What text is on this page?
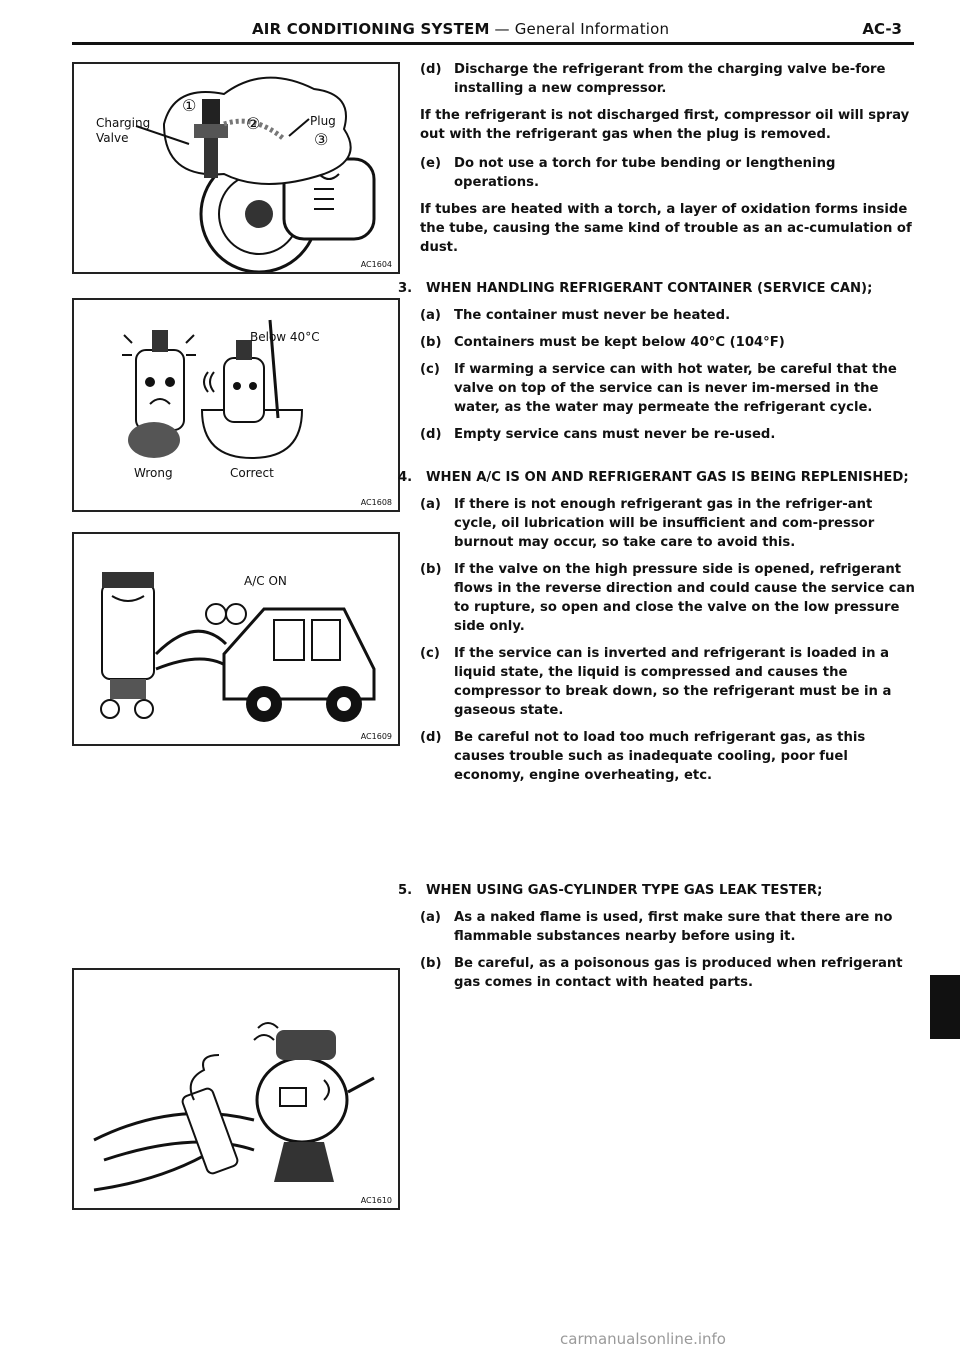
AIR CONDITIONING SYSTEM — General Information	AC-3
Charging
Valve
Plug
①
②
③
AC1604
Below 40°C
Wrong	Correct
AC1608
A/C ON
AC1609
AC1610
(d) Discharge the refrigerant from the charging valve be-fore installing a new compressor.

If the refrigerant is not discharged first, compressor oil will spray out with the refrigerant gas when the plug is removed.

(e) Do not use a torch for tube bending or lengthening operations.

If tubes are heated with a torch, a layer of oxidation forms inside the tube, causing the same kind of trouble as an ac-cumulation of dust.

3.	WHEN HANDLING REFRIGERANT CONTAINER (SERVICE CAN);
(a) The container must never be heated.
(b) Containers must be kept below 40°C (104°F)
(c)	If warming a service can with hot water, be careful that the valve on top of the service can is never im-mersed in the water, as the water may permeate the refrigerant cycle.
(d) Empty service cans must never be re-used.
4.	WHEN A/C IS ON AND REFRIGERANT GAS IS BEING REPLENISHED;
(a) If there is not enough refrigerant gas in the refriger-ant cycle, oil lubrication will be insufficient and com-pressor burnout may occur, so take care to avoid this.
(b) If the valve on the high pressure side is opened, refrigerant flows in the reverse direction and could cause the service can to rupture, so open and close the valve on the low pressure side only.
(c)	If the service can is inverted and refrigerant is loaded in a liquid state, the liquid is compressed and causes the compressor to break down, so the refrigerant must be in a gaseous state.
(d) Be careful not to load too much refrigerant gas, as this causes trouble such as inadequate cooling, poor fuel economy, engine overheating, etc.
5.	WHEN USING GAS-CYLINDER TYPE GAS LEAK TESTER;
(a) As a naked flame is used, first make sure that there are no flammable substances nearby before using it.
(b) Be careful, as a poisonous gas is produced when refrigerant gas comes in contact with heated parts.
carmanualsonline.info
